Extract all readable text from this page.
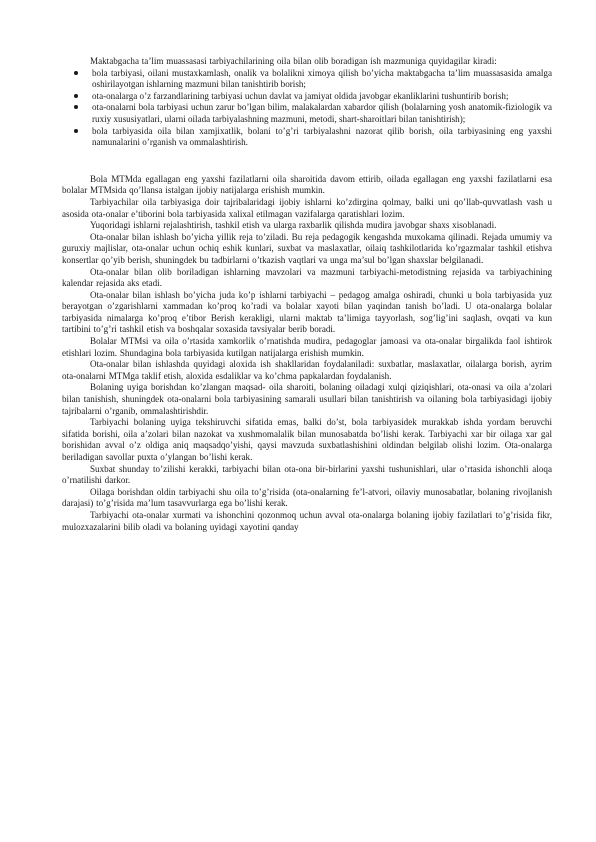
Maktabgacha ta’lim muassasasi tarbiyachilarining oila bilan olib boradigan ish mazmuniga quyidagilar kiradi:

bola tarbiyasi, oilani mustaxkamlash, onalik va bolalikni ximoya qilish bo’yicha maktabgacha ta’lim muassasasida amalga oshirilayotgan ishlarning mazmuni bilan tanishtirib borish;
ota-onalarga o’z farzandlarining tarbiyasi uchun davlat va jamiyat oldida javobgar ekanliklarini tushuntirib borish;
ota-onalarni bola tarbiyasi uchun zarur bo’lgan bilim, malakalardan xabardor qilish (bolalarning yosh anatomik-fiziologik va ruxiy xususiyatlari, ularni oilada tarbiyalashning mazmuni, metodi, shart-sharoitlari bilan tanishtirish);
bola tarbiyasida oila bilan xamjixatlik, bolani to’g’ri tarbiyalashni nazorat qilib borish, oila tarbiyasining eng yaxshi namunalarini o’rganish va ommalashtirish.

Bola MTMda egallagan eng yaxshi fazilatlarni oila sharoitida davom ettirib, oilada egallagan eng yaxshi fazilatlarni esa bolalar MTMsida qo’llansa istalgan ijobiy natijalarga erishish mumkin.

Tarbiyachilar oila tarbiyasiga doir tajribalaridagi ijobiy ishlarni ko’zdirgina qolmay, balki uni qo’llab-quvvatlash vash u asosida ota-onalar e’tiborini bola tarbiyasida xalixal etilmagan vazifalarga qaratishlari lozim.

Yuqoridagi ishlarni rejalashtirish, tashkil etish va ularga raxbarlik qilishda mudira javobgar shaxs xisoblanadi.

Ota-onalar bilan ishlash bo’yicha yillik reja to’ziladi. Bu reja pedagogik kengashda muxokama qilinadi. Rejada umumiy va guruxiy majlislar, ota-onalar uchun ochiq eshik kunlari, suxbat va maslaxatlar, oilaiq tashkilotlarida ko’rgazmalar tashkil etishva konsertlar qo’yib berish, shuningdek bu tadbirlarni o’tkazish vaqtlari va unga ma’sul bo’lgan shaxslar belgilanadi.

Ota-onalar bilan olib boriladigan ishlarning mavzolari va mazmuni tarbiyachi-metodistning rejasida va tarbiyachining kalendar rejasida aks etadi.

Ota-onalar bilan ishlash bo’yicha juda ko’p ishlarni tarbiyachi – pedagog amalga oshiradi, chunki u bola tarbiyasida yuz berayotgan o’zgarishlarni xammadan ko’proq ko’radi va bolalar xayoti bilan yaqindan tanish bo’ladi. U ota-onalarga bolalar tarbiyasida nimalarga ko’proq e’tibor Berish kerakligi, ularni maktab ta’limiga tayyorlash, sog’lig’ini saqlash, ovqati va kun tartibini to’g’ri tashkil etish va boshqalar soxasida tavsiyalar berib boradi.

Bolalar MTMsi va oila o’rtasida xamkorlik o’rnatishda mudira, pedagoglar jamoasi va ota-onalar birgalikda faol ishtirok etishlari lozim. Shundagina bola tarbiyasida kutilgan natijalarga erishish mumkin.

Ota-onalar bilan ishlashda quyidagi aloxida ish shakllaridan foydalaniladi: suxbatlar, maslaxatlar, oilalarga borish, ayrim ota-onalarni MTMga taklif etish, aloxida esdaliklar va ko’chma papkalardan foydalanish.

Bolaning uyiga borishdan ko’zlangan maqsad- oila sharoiti, bolaning oiladagi xulqi qiziqishlari, ota-onasi va oila a’zolari bilan tanishish, shuningdek ota-onalarni bola tarbiyasining samarali usullari bilan tanishtirish va oilaning bola tarbiyasidagi ijobiy tajribalarni o’rganib, ommalashtirishdir.

Tarbiyachi bolaning uyiga tekshiruvchi sifatida emas, balki do’st, bola tarbiyasidek murakkab ishda yordam beruvchi sifatida borishi, oila a’zolari bilan nazokat va xushmomalalik bilan munosabatda bo’lishi kerak. Tarbiyachi xar bir oilaga xar gal borishidan avval o’z oldiga aniq maqsadqo’yishi, qaysi mavzuda suxbatlashishini oldindan belgilab olishi lozim. Ota-onalarga beriladigan savollar puxta o’ylangan bo’lishi kerak.

Suxbat shunday to’zilishi kerakki, tarbiyachi bilan ota-ona bir-birlarini yaxshi tushunishlari, ular o’rtasida ishonchli aloqa o’rnatilishi darkor.

Oilaga borishdan oldin tarbiyachi shu oila to’g’risida (ota-onalarning fe’l-atvori, oilaviy munosabatlar, bolaning rivojlanish darajasi) to’g’risida ma’lum tasavvurlarga ega bo’lishi kerak.

Tarbiyachi ota-onalar xurmati va ishonchini qozonmoq uchun avval ota-onalarga bolaning ijobiy fazilatlari to’g’risida fikr, mulozxazalarini bilib oladi va bolaning uyidagi xayotini qanday
